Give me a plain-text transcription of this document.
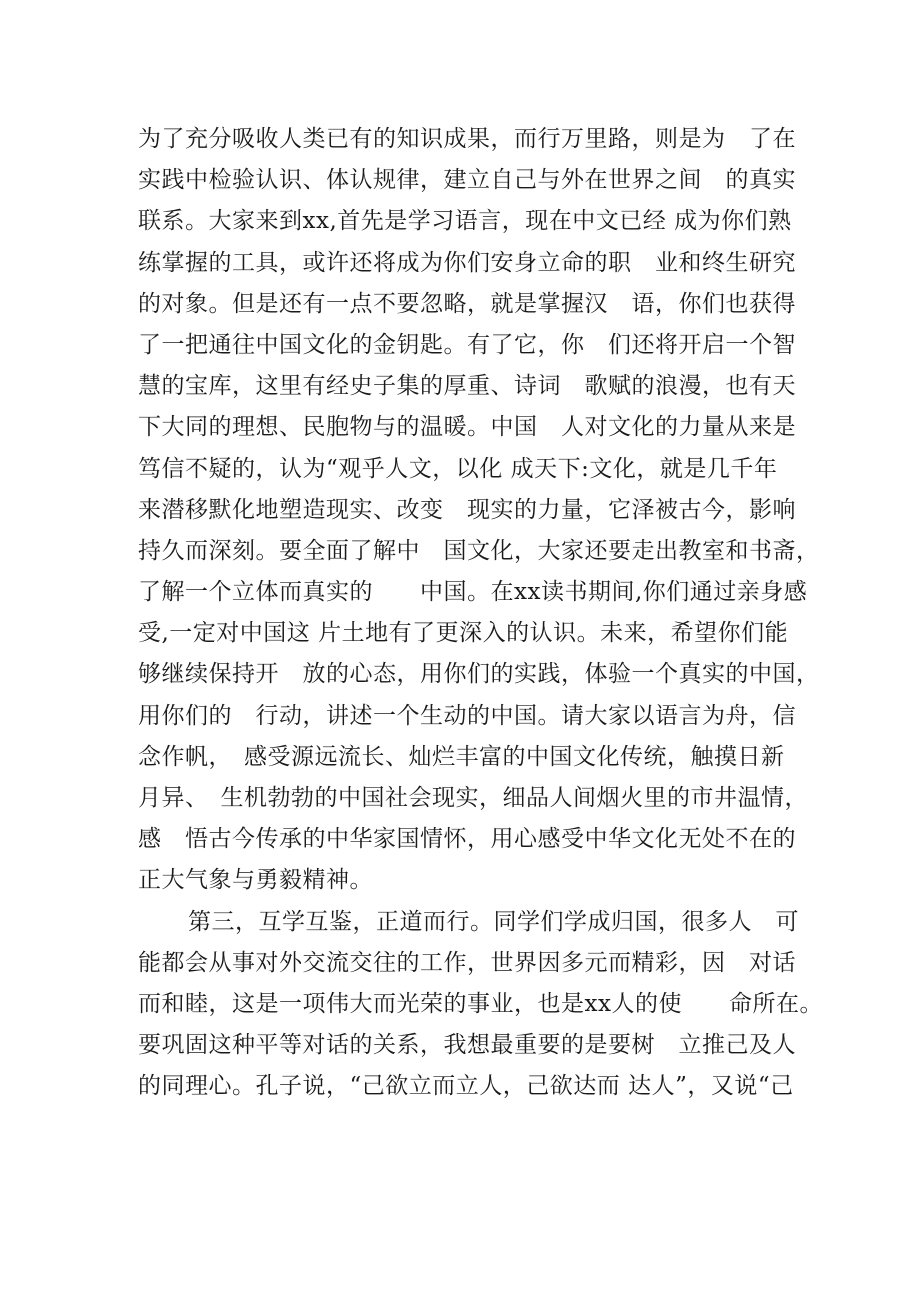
为了充分吸收人类已有的知识成果，而行万里路，则是为　了在
实践中检验认识、体认规律，建立自己与外在世界之间　的真实
联系。大家来到xx,首先是学习语言，现在中文已经 成为你们熟
练掌握的工具，或许还将成为你们安身立命的职　业和终生研究
的对象。但是还有一点不要忽略，就是掌握汉　语，你们也获得
了一把通往中国文化的金钥匙。有了它，你　们还将开启一个智
慧的宝库，这里有经史子集的厚重、诗词　歌赋的浪漫，也有天
下大同的理想、民胞物与的温暖。中国　人对文化的力量从来是
笃信不疑的，认为“观乎人文，以化 成天下:文化，就是几千年
来潜移默化地塑造现实、改变　现实的力量，它泽被古今，影响
持久而深刻。要全面了解中　国文化，大家还要走出教室和书斋，
了解一个立体而真实的　　中国。在xx读书期间,你们通过亲身感
受,一定对中国这 片土地有了更深入的认识。未来，希望你们能
够继续保持开　放的心态，用你们的实践，体验一个真实的中国，
用你们的　行动，讲述一个生动的中国。请大家以语言为舟，信
念作帆，　感受源远流长、灿烂丰富的中国文化传统，触摸日新
月异、　生机勃勃的中国社会现实，细品人间烟火里的市井温情，
感　悟古今传承的中华家国情怀，用心感受中华文化无处不在的
正大气象与勇毅精神。
第三，互学互鉴，正道而行。同学们学成归国，很多人　可
能都会从事对外交流交往的工作，世界因多元而精彩，因　对话
而和睦，这是一项伟大而光荣的事业，也是xx人的使　　命所在。
要巩固这种平等对话的关系，我想最重要的是要树　立推己及人
的同理心。孔子说，“己欲立而立人，己欲达而 达人”，又说“己
